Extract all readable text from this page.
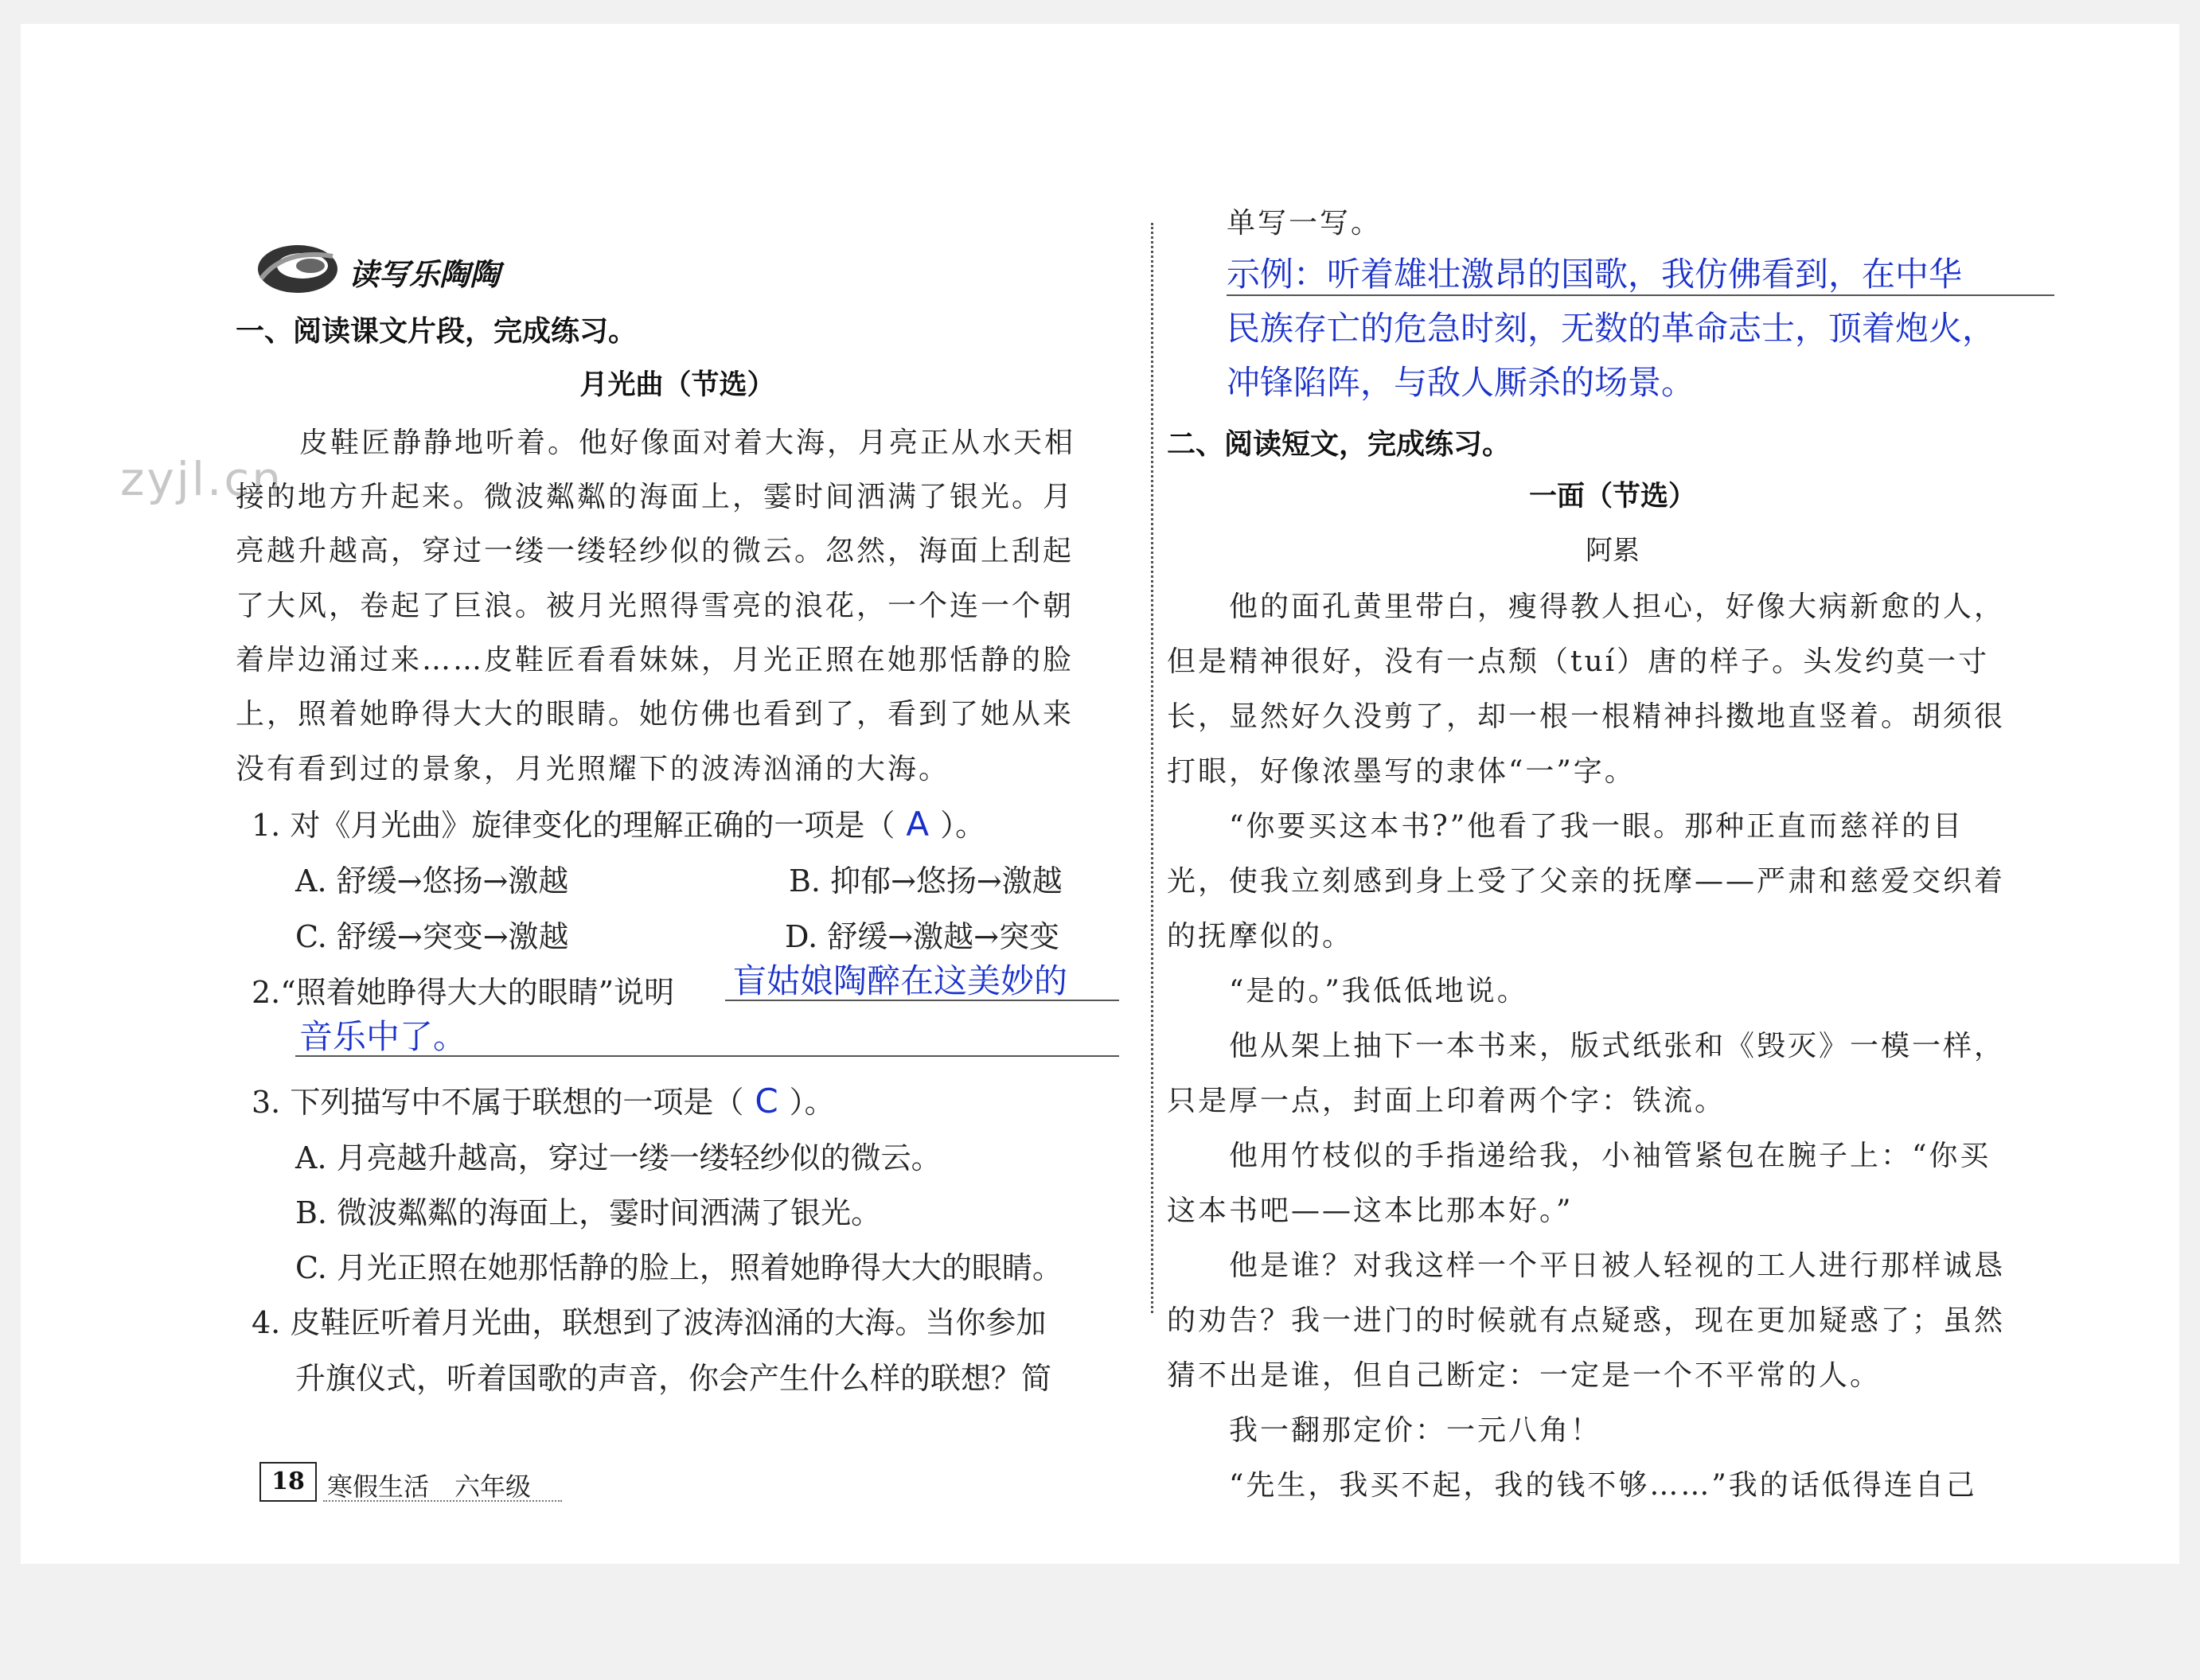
zyjl.cn
读写乐陶陶
一、阅读课文片段，完成练习。
月光曲（节选）
皮鞋匠静静地听着。他好像面对着大海，月亮正从水天相
接的地方升起来。微波粼粼的海面上，霎时间洒满了银光。月
亮越升越高，穿过一缕一缕轻纱似的微云。忽然，海面上刮起
了大风，卷起了巨浪。被月光照得雪亮的浪花，一个连一个朝
着岸边涌过来……皮鞋匠看看妹妹，月光正照在她那恬静的脸
上，照着她睁得大大的眼睛。她仿佛也看到了，看到了她从来
没有看到过的景象，月光照耀下的波涛汹涌的大海。
1. 对《月光曲》旋律变化的理解正确的一项是（ A ）。
A. 舒缓→悠扬→激越	B. 抑郁→悠扬→激越
C. 舒缓→突变→激越	D. 舒缓→激越→突变
2.“照着她睁得大大的眼睛”说明 盲姑娘陶醉在这美妙的
音乐中了。
3. 下列描写中不属于联想的一项是（ C ）。
A. 月亮越升越高，穿过一缕一缕轻纱似的微云。
B. 微波粼粼的海面上，霎时间洒满了银光。
C. 月光正照在她那恬静的脸上，照着她睁得大大的眼睛。
4. 皮鞋匠听着月光曲，联想到了波涛汹涌的大海。当你参加
升旗仪式，听着国歌的声音，你会产生什么样的联想？简
18 寒假生活　六年级
单写一写。
示例：听着雄壮激昂的国歌，我仿佛看到，在中华
民族存亡的危急时刻，无数的革命志士，顶着炮火，
冲锋陷阵，与敌人厮杀的场景。
二、阅读短文，完成练习。
一面（节选）
阿累
他的面孔黄里带白，瘦得教人担心，好像大病新愈的人，
但是精神很好，没有一点颓（tuí）唐的样子。头发约莫一寸
长，显然好久没剪了，却一根一根精神抖擞地直竖着。胡须很
打眼，好像浓墨写的隶体“一”字。
“你要买这本书?”他看了我一眼。那种正直而慈祥的目
光，使我立刻感到身上受了父亲的抚摩——严肃和慈爱交织着
的抚摩似的。
“是的。”我低低地说。
他从架上抽下一本书来，版式纸张和《毁灭》一模一样，
只是厚一点，封面上印着两个字：铁流。
他用竹枝似的手指递给我，小袖管紧包在腕子上：“你买
这本书吧——这本比那本好。”
他是谁？对我这样一个平日被人轻视的工人进行那样诚恳
的劝告？我一进门的时候就有点疑惑，现在更加疑惑了；虽然
猜不出是谁，但自己断定：一定是一个不平常的人。
我一翻那定价：一元八角！
“先生，我买不起，我的钱不够……”我的话低得连自己
